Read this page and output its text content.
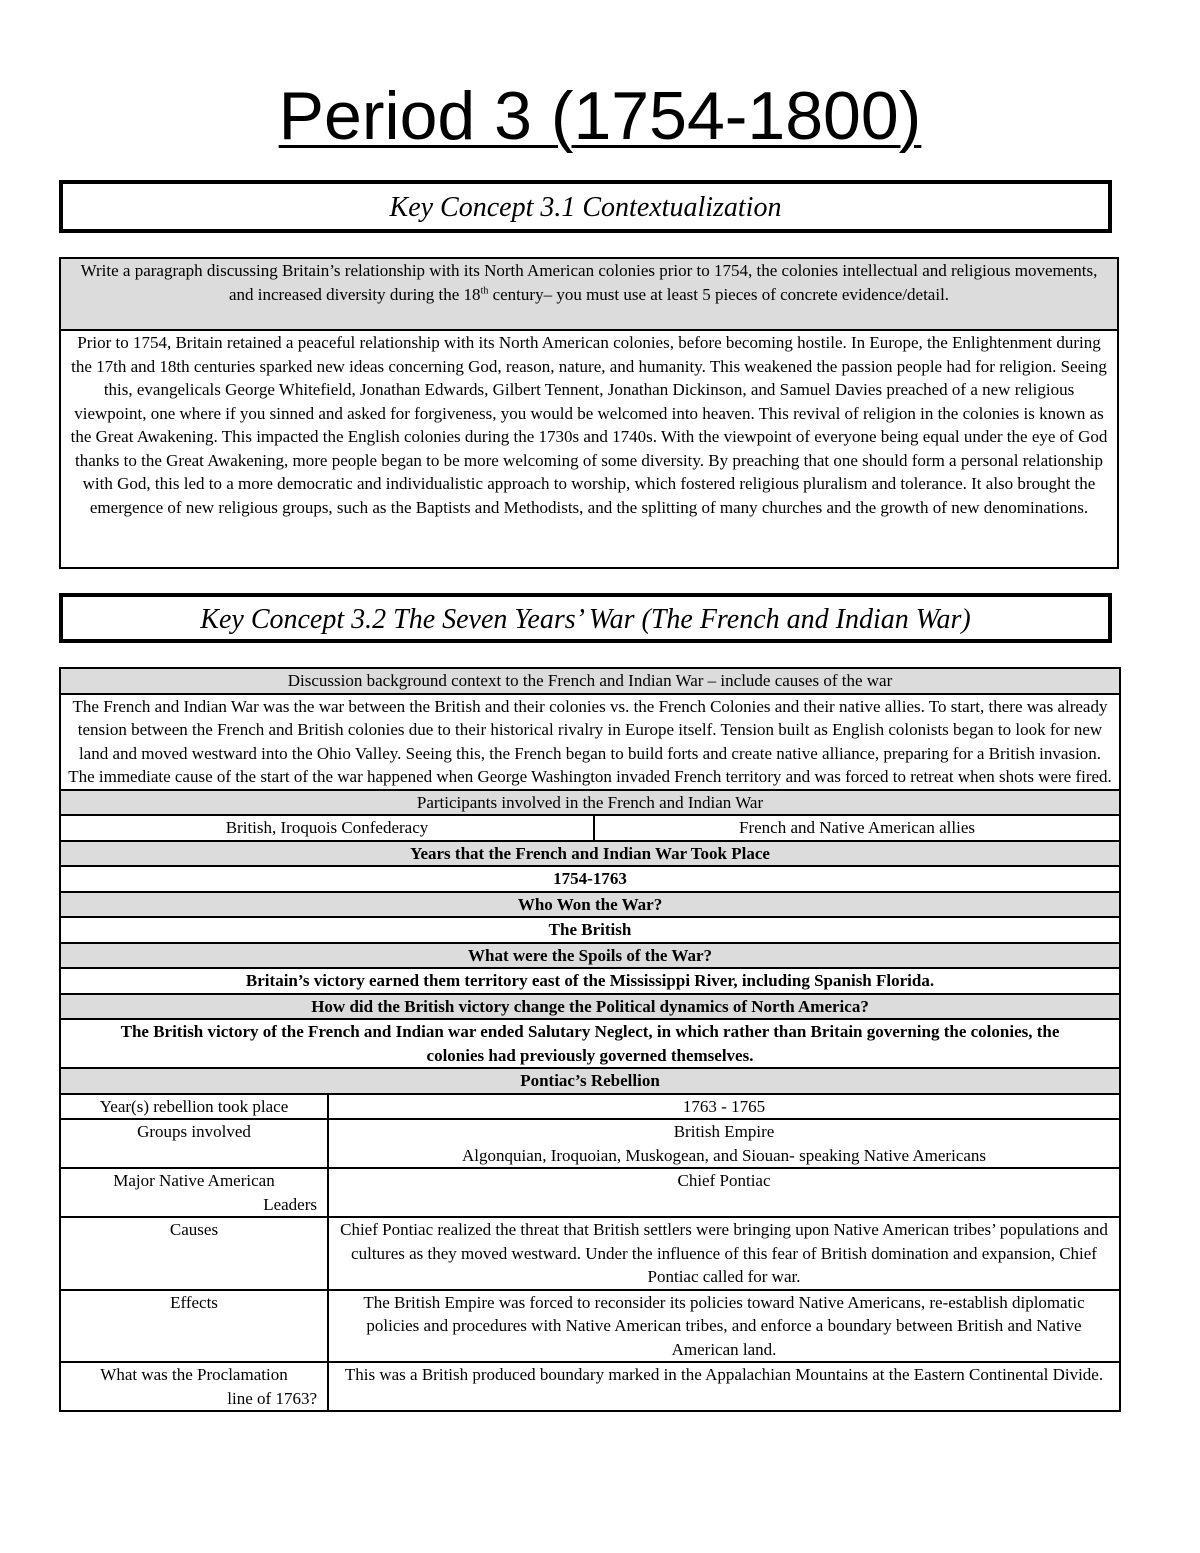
Period 3 (1754-1800)
Key Concept 3.1 Contextualization
Write a paragraph discussing Britain’s relationship with its North American colonies prior to 1754, the colonies intellectual and religious movements, and increased diversity during the 18th century– you must use at least 5 pieces of concrete evidence/detail.
Prior to 1754, Britain retained a peaceful relationship with its North American colonies, before becoming hostile. In Europe, the Enlightenment during the 17th and 18th centuries sparked new ideas concerning God, reason, nature, and humanity. This weakened the passion people had for religion. Seeing this, evangelicals George Whitefield, Jonathan Edwards, Gilbert Tennent, Jonathan Dickinson, and Samuel Davies preached of a new religious viewpoint, one where if you sinned and asked for forgiveness, you would be welcomed into heaven. This revival of religion in the colonies is known as the Great Awakening. This impacted the English colonies during the 1730s and 1740s. With the viewpoint of everyone being equal under the eye of God thanks to the Great Awakening, more people began to be more welcoming of some diversity. By preaching that one should form a personal relationship with God, this led to a more democratic and individualistic approach to worship, which fostered religious pluralism and tolerance. It also brought the emergence of new religious groups, such as the Baptists and Methodists, and the splitting of many churches and the growth of new denominations.
Key Concept 3.2 The Seven Years’ War (The French and Indian War)
Discussion background context to the French and Indian War – include causes of the war		
The French and Indian War was the war between the British and their colonies vs. the French Colonies and their native allies. To start, there was already tension between the French and British colonies due to their historical rivalry in Europe itself. Tension built as English colonists began to look for new land and moved westward into the Ohio Valley. Seeing this, the French began to build forts and create native alliance, preparing for a British invasion. The immediate cause of the start of the war happened when George Washington invaded French territory and was forced to retreat when shots were fired.		
Participants involved in the French and Indian War		
British, Iroquois Confederacy		French and Native American allies
Years that the French and Indian War Took Place		
1754-1763		
Who Won the War?		
The British		
What were the Spoils of the War?		
Britain’s victory earned them territory east of the Mississippi River, including Spanish Florida.		
How did the British victory change the Political dynamics of North America?		
The British victory of the French and Indian war ended Salutary Neglect, in which rather than Britain governing the colonies, the colonies had previously governed themselves.		
Pontiac’s Rebellion		
Year(s) rebellion took place	1763 - 1765	
Groups involved	British Empire
Algonquian, Iroquoian, Muskogean, and Siouan- speaking Native Americans	
Major Native American
Leaders	Chief Pontiac	
Causes	Chief Pontiac realized the threat that British settlers were bringing upon Native American tribes’ populations and cultures as they moved westward. Under the influence of this fear of British domination and expansion, Chief Pontiac called for war.	
Effects	The British Empire was forced to reconsider its policies toward Native Americans, re-establish diplomatic policies and procedures with Native American tribes, and enforce a boundary between British and Native American land.	
What was the Proclamation
line of 1763?	This was a British produced boundary marked in the Appalachian Mountains at the Eastern Continental Divide.	
